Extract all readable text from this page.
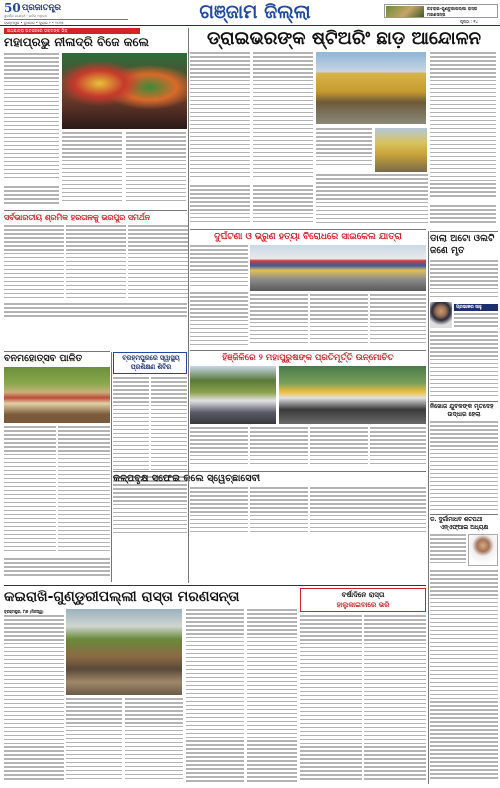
50 ପ୍ରଜାତନ୍ତ୍ର
ସୁବର୍ଣ୍ଣ ଜୟନ୍ତୀ · ଗର୍ବର ଅନୁଭବ
ବ୍ରହ୍ମପୁର ‌• ବୁଧବାର ‌• ଜୁଲାଇ ୯ • ୨୦୨୫	ଗଞ୍ଜାମ ଜିଲ୍ଲା	ପୃଷ୍ଠା : ୧୪
କବରାଇ-ଗୁଣ୍ଡୁରୀପଲ୍ଲୀ ରାସ୍ତା ମରଣସନ୍ତା
ରଥଯାତ୍ରା ଅବସରରେ ଭକ୍ତଙ୍କ ଭିଡ଼
ମହାପ୍ରଭୁ ନୀଳାଦ୍ରି ବିଜେ କଲେ	ଡ୍ରାଇଭରଙ୍କ ଷ୍ଟିଅରିଂ ଛାଡ଼ ଆନ୍ଦୋଳନ
ସର୍ବଭାରତୀୟ ଶ୍ରମିକ ହରତାଳକୁ ଭରପୁର ସମର୍ଥନ
ଦୁର୍ଘଟଣା ଓ ଭ୍ରୁଣ ହତ୍ୟା ବିରୋଧରେ ସାଇକେଲ ଯାତ୍ରା	ଡାଲା ଅଟୋ ଓଲଟି ଜଣେ ମୃତ
ପ୍ରଭାକର ସାହୁ
ବନମହୋତ୍ସବ ପାଳିତ	ବ୍ରହ୍ମପୁରରେ ସ୍ୱାସ୍ଥ୍ୟ
ପ୍ରଶିକ୍ଷଣ ଶିବିର
ହିଞ୍ଜିଳିରେ ୨ ମହାପୁରୁଷଙ୍କ ପ୍ରତିମୂର୍ତ୍ତି ଉନ୍ମୋଚିତ
ନିଖୋଜ ଯୁବକଙ୍କ ମୃତଦେହ
ଉଦ୍ଧାର ହେଲା
କଳ୍ପବୃକ୍ଷ ସଫେଇ କଲେ ସ୍ୱେଚ୍ଛାସେବୀ
ଡ. ଦୁର୍ଗାମାଧବ ଶତପଥୀ
ଏନ୍‌ଏଫ୍‌ଆଇ ଅଧ୍ୟକ୍ଷ
କଇରାଖି-ଗୁଣ୍ଡୁରୀପଲ୍ଲୀ ରାସ୍ତା ମରଣସନ୍ତା	ବର୍ଷାଦିନେ ରାସ୍ତା
ହାଲୁକାଇବାରେ ଭରି
ବ୍ରହ୍ମପୁର, ୮ା୭ (ନିଜସ୍ୱ)
